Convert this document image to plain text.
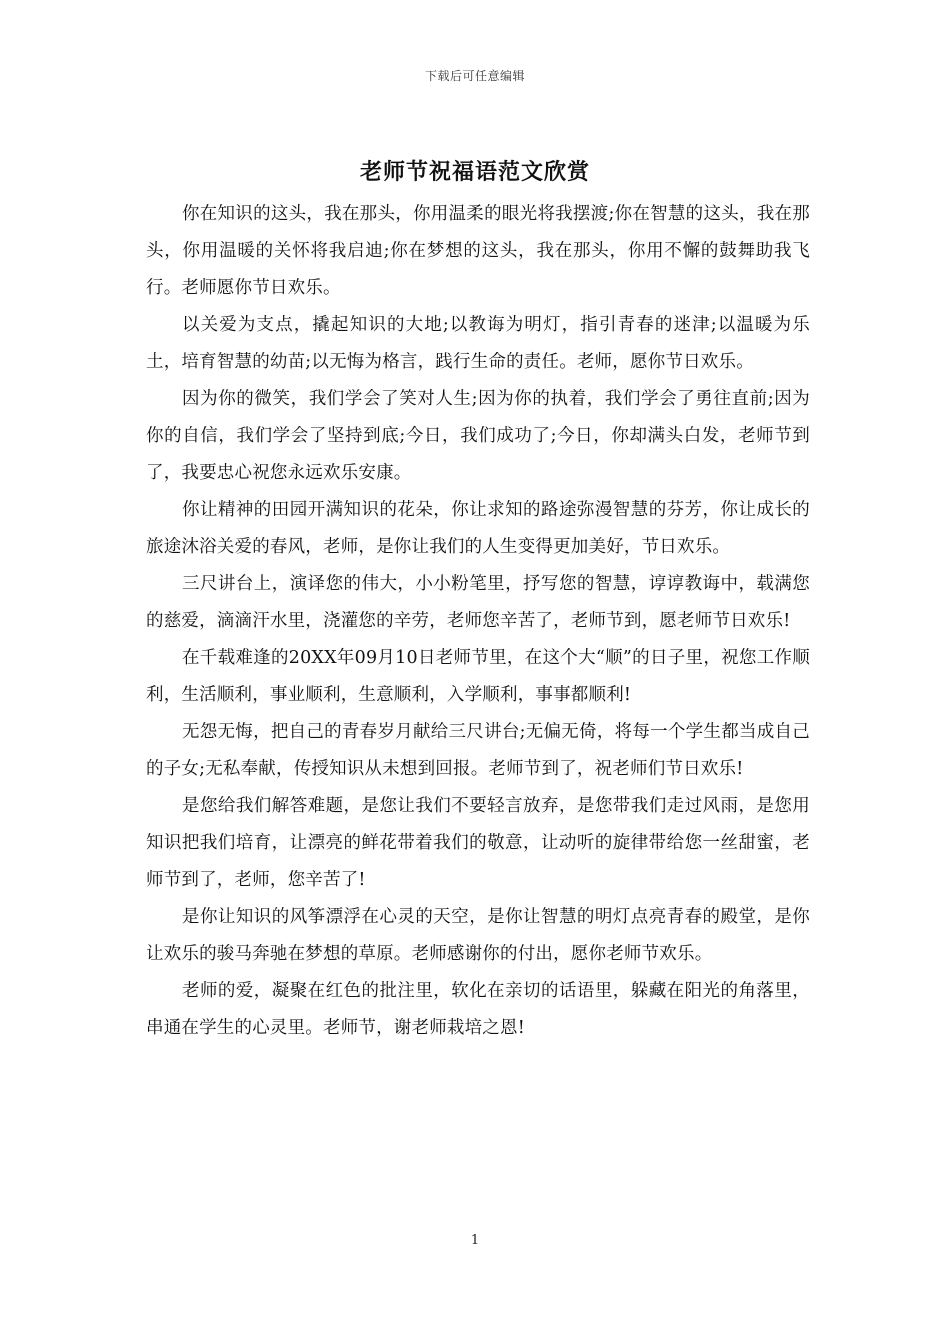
下载后可任意编辑
老师节祝福语范文欣赏

你在知识的这头，我在那头，你用温柔的眼光将我摆渡;你在智慧的这头，我在那头，你用温暖的关怀将我启迪;你在梦想的这头，我在那头，你用不懈的鼓舞助我飞行。老师愿你节日欢乐。

以关爱为支点，撬起知识的大地;以教诲为明灯，指引青春的迷津;以温暖为乐土，培育智慧的幼苗;以无悔为格言，践行生命的责任。老师，愿你节日欢乐。

因为你的微笑，我们学会了笑对人生;因为你的执着，我们学会了勇往直前;因为你的自信，我们学会了坚持到底;今日，我们成功了;今日，你却满头白发，老师节到了，我要忠心祝您永远欢乐安康。

你让精神的田园开满知识的花朵，你让求知的路途弥漫智慧的芬芳，你让成长的旅途沐浴关爱的春风，老师，是你让我们的人生变得更加美好，节日欢乐。

三尺讲台上，演译您的伟大，小小粉笔里，抒写您的智慧，谆谆教诲中，载满您的慈爱，滴滴汗水里，浇灌您的辛劳，老师您辛苦了，老师节到，愿老师节日欢乐!

在千载难逢的20XX年09月10日老师节里，在这个大“顺”的日子里，祝您工作顺利，生活顺利，事业顺利，生意顺利，入学顺利，事事都顺利!

无怨无悔，把自己的青春岁月献给三尺讲台;无偏无倚，将每一个学生都当成自己的子女;无私奉献，传授知识从未想到回报。老师节到了，祝老师们节日欢乐!

是您给我们解答难题，是您让我们不要轻言放弃，是您带我们走过风雨，是您用知识把我们培育，让漂亮的鲜花带着我们的敬意，让动听的旋律带给您一丝甜蜜，老师节到了，老师，您辛苦了!

是你让知识的风筝漂浮在心灵的天空，是你让智慧的明灯点亮青春的殿堂，是你让欢乐的骏马奔驰在梦想的草原。老师感谢你的付出，愿你老师节欢乐。

老师的爱，凝聚在红色的批注里，软化在亲切的话语里，躲藏在阳光的角落里，串通在学生的心灵里。老师节，谢老师栽培之恩!

1
